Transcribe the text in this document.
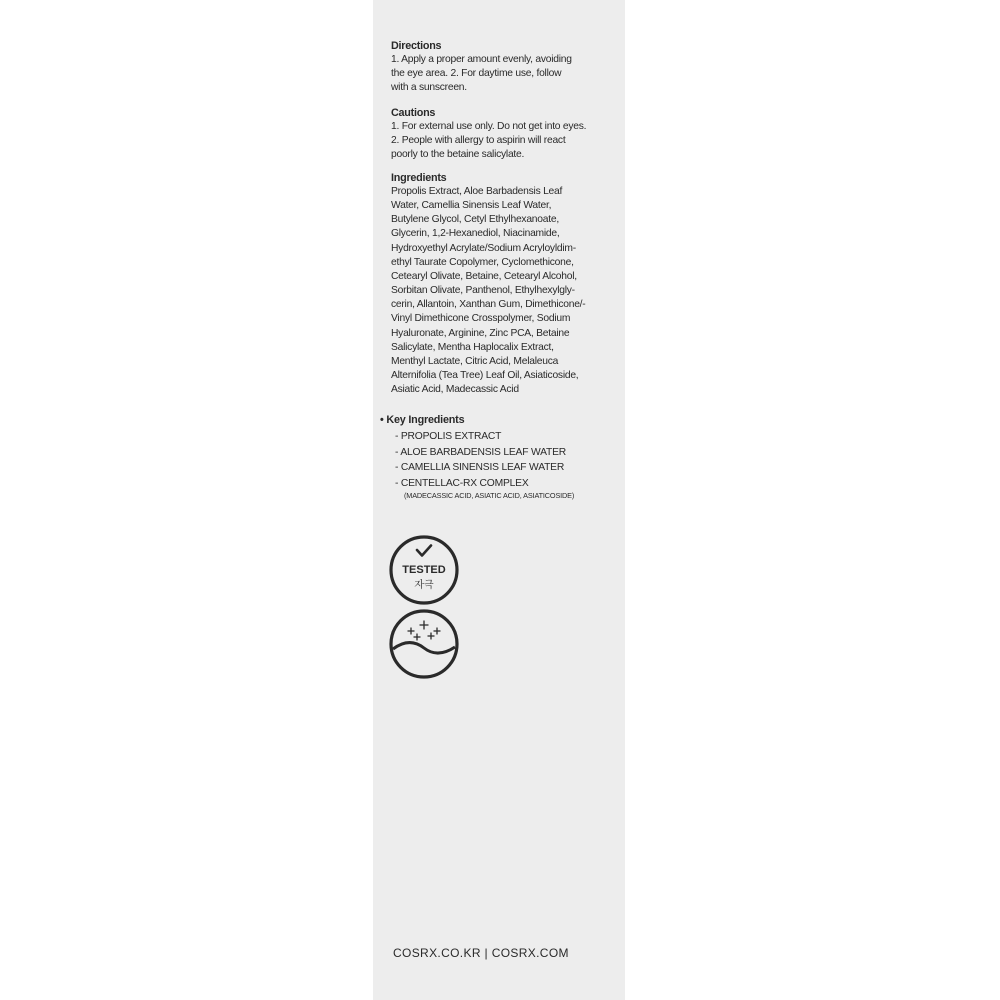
Directions

1. Apply a proper amount evenly, avoiding
the eye area. 2. For daytime use, follow
with a sunscreen.

Cautions

1. For external use only. Do not get into eyes.
2. People with allergy to aspirin will react
poorly to the betaine salicylate.

Ingredients

Propolis Extract, Aloe Barbadensis Leaf
Water, Camellia Sinensis Leaf Water,
Butylene Glycol, Cetyl Ethylhexanoate,
Glycerin, 1,2-Hexanediol, Niacinamide,
Hydroxyethyl Acrylate/Sodium Acryloyldim-
ethyl Taurate Copolymer, Cyclomethicone,
Cetearyl Olivate, Betaine, Cetearyl Alcohol,
Sorbitan Olivate, Panthenol, Ethylhexylgly-
cerin, Allantoin, Xanthan Gum, Dimethicone/-
Vinyl Dimethicone Crosspolymer, Sodium
Hyaluronate, Arginine, Zinc PCA, Betaine
Salicylate, Mentha Haplocalix Extract,
Menthyl Lactate, Citric Acid, Melaleuca
Alternifolia (Tea Tree) Leaf Oil, Asiaticoside,
Asiatic Acid, Madecassic Acid

• Key Ingredients
- PROPOLIS EXTRACT
- ALOE BARBADENSIS LEAF WATER
- CAMELLIA SINENSIS LEAF WATER
- CENTELLAC-RX COMPLEX
(MADECASSIC ACID, ASIATIC ACID, ASIATICOSIDE)
TESTED
자극
COSRX.CO.KR | COSRX.COM
